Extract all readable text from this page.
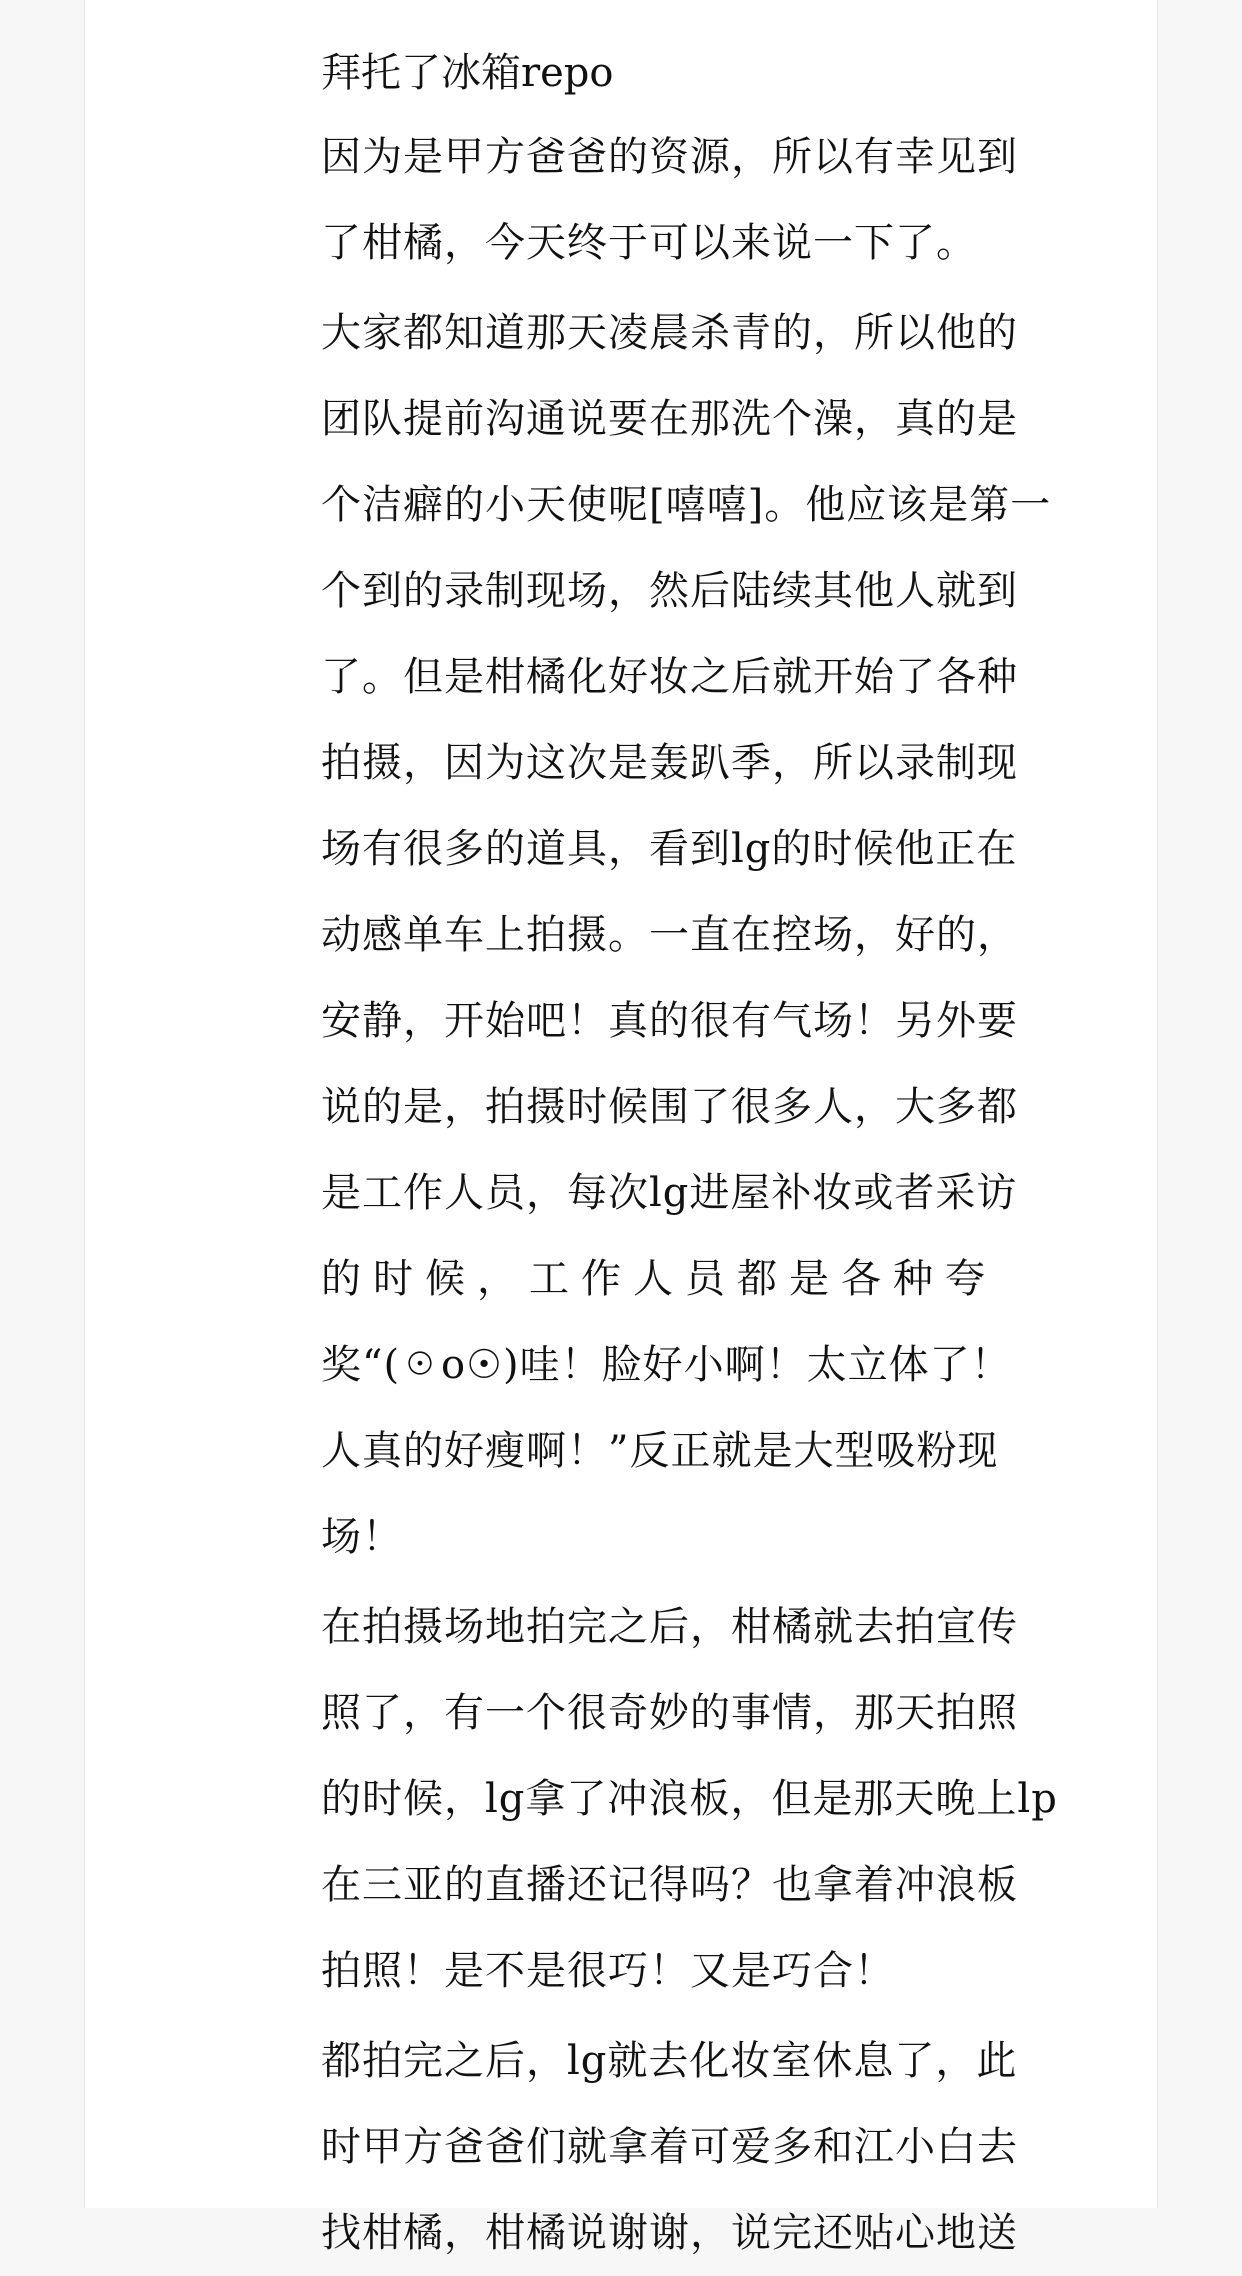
拜托了冰箱repo
因为是甲方爸爸的资源，所以有幸见到
了柑橘，今天终于可以来说一下了。
大家都知道那天凌晨杀青的，所以他的
团队提前沟通说要在那洗个澡，真的是
个洁癖的小天使呢[嘻嘻]。他应该是第一
个到的录制现场，然后陆续其他人就到
了。但是柑橘化好妆之后就开始了各种
拍摄，因为这次是轰趴季，所以录制现
场有很多的道具，看到lg的时候他正在
动感单车上拍摄。一直在控场，好的，
安静，开始吧！真的很有气场！另外要
说的是，拍摄时候围了很多人，大多都
是工作人员，每次lg进屋补妆或者采访
的时候，工作人员都是各种夸
奖“(☉o☉)哇！脸好小啊！太立体了！
人真的好瘦啊！”反正就是大型吸粉现
场！
在拍摄场地拍完之后，柑橘就去拍宣传
照了，有一个很奇妙的事情，那天拍照
的时候，lg拿了冲浪板，但是那天晚上lp
在三亚的直播还记得吗？也拿着冲浪板
拍照！是不是很巧！又是巧合！
都拍完之后，lg就去化妆室休息了，此
时甲方爸爸们就拿着可爱多和江小白去
找柑橘，柑橘说谢谢，说完还贴心地送
